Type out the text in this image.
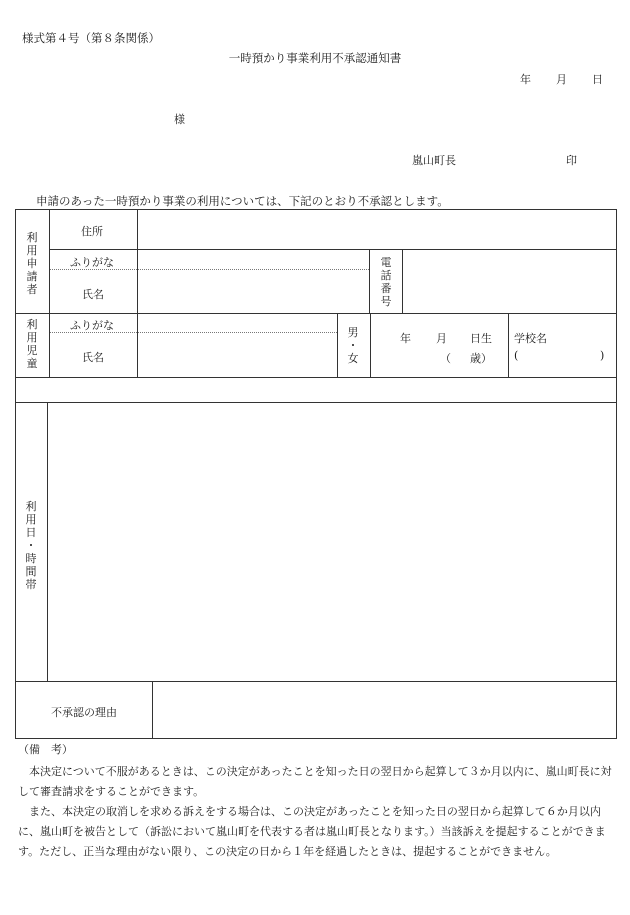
様式第４号（第８条関係）
一時預かり事業利用不承認通知書
年 月 日
様
嵐山町長	印
申請のあった一時預かり事業の利用については、下記のとおり不承認とします。
利
用
申
請
者
住所
ふりがな
氏名
電
話
番
号
利
用
児
童
ふりがな
氏名
男
・
女
年 月 日生
（ 歳）
学校名
(	)
利
用
日
・
時
間
帯
不承認の理由
（備　考）
本決定について不服があるときは、この決定があったことを知った日の翌日から起算して３か月以内に、嵐山町長に対して審査請求をすることができます。
また、本決定の取消しを求める訴えをする場合は、この決定があったことを知った日の翌日から起算して６か月以内に、嵐山町を被告として（訴訟において嵐山町を代表する者は嵐山町長となります。）当該訴えを提起することができます。ただし、正当な理由がない限り、この決定の日から１年を経過したときは、提起することができません。
